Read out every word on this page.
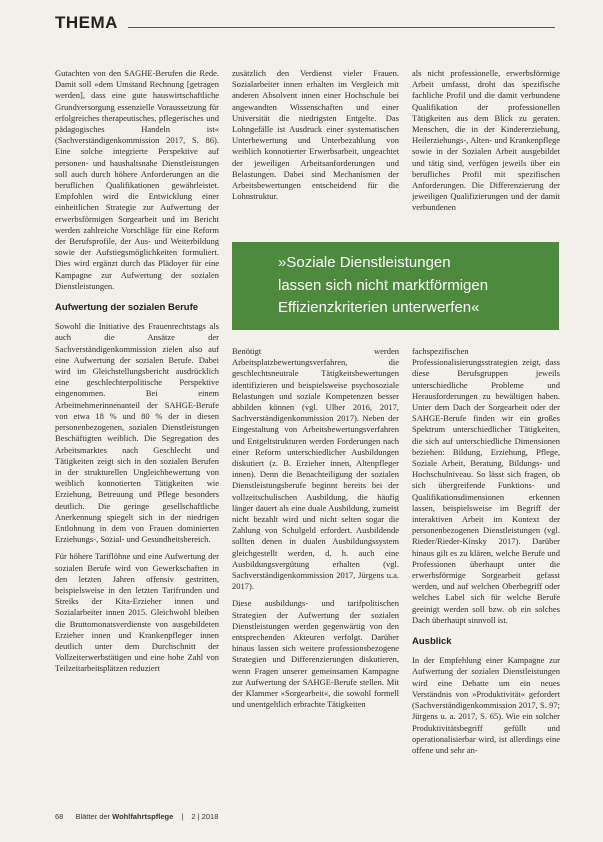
THEMA

Gutachten von den SAGHE-Berufen die Rede. Damit soll »dem Umstand Rechnung [getragen werden], dass eine gute hauswirtschaftliche Grundversorgung essenzielle Voraussetzung für erfolgreiches therapeutisches, pflegerisches und pädagogisches Handeln ist« (Sachverständigenkommission 2017, S. 86). Eine solche integrierte Perspektive auf personen- und haushaltsnahe Dienstleistungen soll auch durch höhere Anforderungen an die beruflichen Qualifikationen gewährleistet. Empfohlen wird die Entwicklung einer einheitlichen Strategie zur Aufwertung der erwerbsförmigen Sorgearbeit und im Bericht werden zahlreiche Vorschläge für eine Reform der Berufsprofile, der Aus- und Weiterbildung sowie der Aufstiegsmöglichkeiten formuliert. Dies wird ergänzt durch das Plädoyer für eine Kampagne zur Aufwertung der sozialen Dienstleistungen.

Aufwertung der sozialen Berufe

Sowohl die Initiative des Frauenrechtstags als auch die Ansätze der Sachverständigenkommission zielen also auf eine Aufwertung der sozialen Berufe. Dabei wird im Gleichstellungsbericht ausdrücklich eine geschlechterpolitische Perspektive eingenommen. Bei einem Arbeitnehmerinnenanteil der SAHGE-Berufe von etwa 18 % und 80 % der in diesen personenbezogenen, sozialen Dienstleistungen Beschäftigten weiblich. Die Segregation des Arbeitsmarktes nach Geschlecht und Tätigkeiten zeigt sich in den sozialen Berufen in der strukturellen Ungleichbewertung von weiblich konnotierten Tätigkeiten wie Erziehung, Betreuung und Pflege besonders deutlich. Die geringe gesellschaftliche Anerkennung spiegelt sich in der niedrigen Entlohnung in dem von Frauen dominierten Erziehungs-, Sozial- und Gesundheitsbereich.

Für höhere Tariflöhne und eine Aufwertung der sozialen Berufe wird von Gewerkschaften in den letzten Jahren offensiv gestritten, beispielsweise in den letzten Tarifrunden und Streiks der Kita-Erzieher innen und Sozialarbeiter innen 2015. Gleichwohl bleiben die Bruttomonatsverdienste von ausgebildeten Erzieher innen und Krankenpfleger innen deutlich unter dem Durchschnitt der Vollzeiterwerbstätigen und eine hohe Zahl von Teilzeitarbeitsplätzen reduziert

zusätzlich den Verdienst vieler Frauen. Sozialarbeiter innen erhalten im Vergleich mit anderen Absolvent innen einer Hochschule bei angewandten Wissenschaften und einer Universität die niedrigsten Entgelte. Das Lohngefälle ist Ausdruck einer systematischen Unterbewertung und Unterbezahlung von weiblich konnotierter Erwerbsarbeit, ungeachtet der jeweiligen Arbeitsanforderungen und Belastungen. Dabei sind Mechanismen der Arbeitsbewertungen entscheidend für die Lohnstruktur.

als nicht professionelle, erwerbsförmige Arbeit umfasst, droht das spezifische fachliche Profil und die damit verbundene Qualifikation der professionellen Tätigkeiten aus dem Blick zu geraten. Menschen, die in der Kindererziehung, Heilerziehungs-, Alten- und Krankenpflege sowie in der Sozialen Arbeit ausgebildet und tätig sind, verfügen jeweils über ein berufliches Profil mit spezifischen Anforderungen. Die Differenzierung der jeweiligen Qualifizierungen und der damit verbundenen

»Soziale Dienstleistungen
lassen sich nicht marktförmigen
Effizienzkriterien unterwerfen«

Benötigt werden Arbeitsplatzbewertungsverfahren, die geschlechtsneutrale Tätigkeitsbewertungen identifizieren und beispielsweise psychosoziale Belastungen und soziale Kompetenzen besser abbilden können (vgl. Ulber 2016, 2017, Sachverständigenkommission 2017). Neben der Eingestaltung von Arbeitsbewertungsverfahren und Entgeltstrukturen werden Forderungen nach einer Reform unterschiedlicher Ausbildungen diskutiert (z. B. Erzieher innen, Altenpfleger innen). Denn die Benachteiligung der sozialen Dienstleistungsberufe beginnt bereits bei der vollzeitschulischen Ausbildung, die häufig länger dauert als eine duale Ausbildung, zumeist nicht bezahlt wird und nicht selten sogar die Zahlung von Schulgeld erfordert. Ausbildende sollten denen in dualen Ausbildungssystem gleichgestellt werden, d. h. auch eine Ausbildungsvergütung erhalten (vgl. Sachverständigenkommission 2017, Jürgens u.a. 2017).

Diese ausbildungs- und tarifpolitischen Strategien der Aufwertung der sozialen Dienstleistungen werden gegenwärtig von den entsprechenden Akteuren verfolgt. Darüber hinaus lassen sich weitere professionsbezogene Strategien und Differenzierungen diskutieren, wenn Fragen unserer gemeinsamen Kampagne zur Aufwertung der SAHGE-Berufe stellen. Mit der Klammer »Sorgearbeit«, die sowohl formell und unentgeltlich erbrachte Tätigkeiten

fachspezifischen Professionalisierungsstrategien zeigt, dass diese Berufsgruppen jeweils unterschiedliche Probleme und Herausforderungen zu bewältigen haben. Unter dem Dach der Sorgearbeit oder der SAHGE-Berufe finden wir ein großes Spektrum unterschiedlicher Tätigkeiten, die sich auf unterschiedliche Dimensionen beziehen: Bildung, Erziehung, Pflege, Soziale Arbeit, Beratung, Bildungs- und Hochschulniveau. So lässt sich fragen, ob sich übergreifende Funktions- und Qualifikationsdimensionen erkennen lassen, beispielsweise im Begriff der interaktiven Arbeit im Kontext der personenbezogenen Dienstleistungen (vgl. Rieder/Rieder-Kinsky 2017). Darüber hinaus gilt es zu klären, welche Berufe und Professionen überhaupt unter die erwerbsförmige Sorgearbeit gefasst werden, und auf welchen Oberbegriff oder welches Label sich für welche Berufe geeinigt werden soll bzw. ob ein solches Dach überhaupt sinnvoll ist.

Ausblick

In der Empfehlung einer Kampagne zur Aufwertung der sozialen Dienstleistungen wird eine Debatte um ein neues Verständnis von »Produktivität« gefordert (Sachverständigenkommission 2017, S. 97; Jürgens u. a. 2017, S. 65). Wie ein solcher Produktivitätsbegriff gefüllt und operationalisierbar wird, ist allerdings eine offene und sehr an-

68 Blätter der Wohlfahrtspflege | 2 | 2018
